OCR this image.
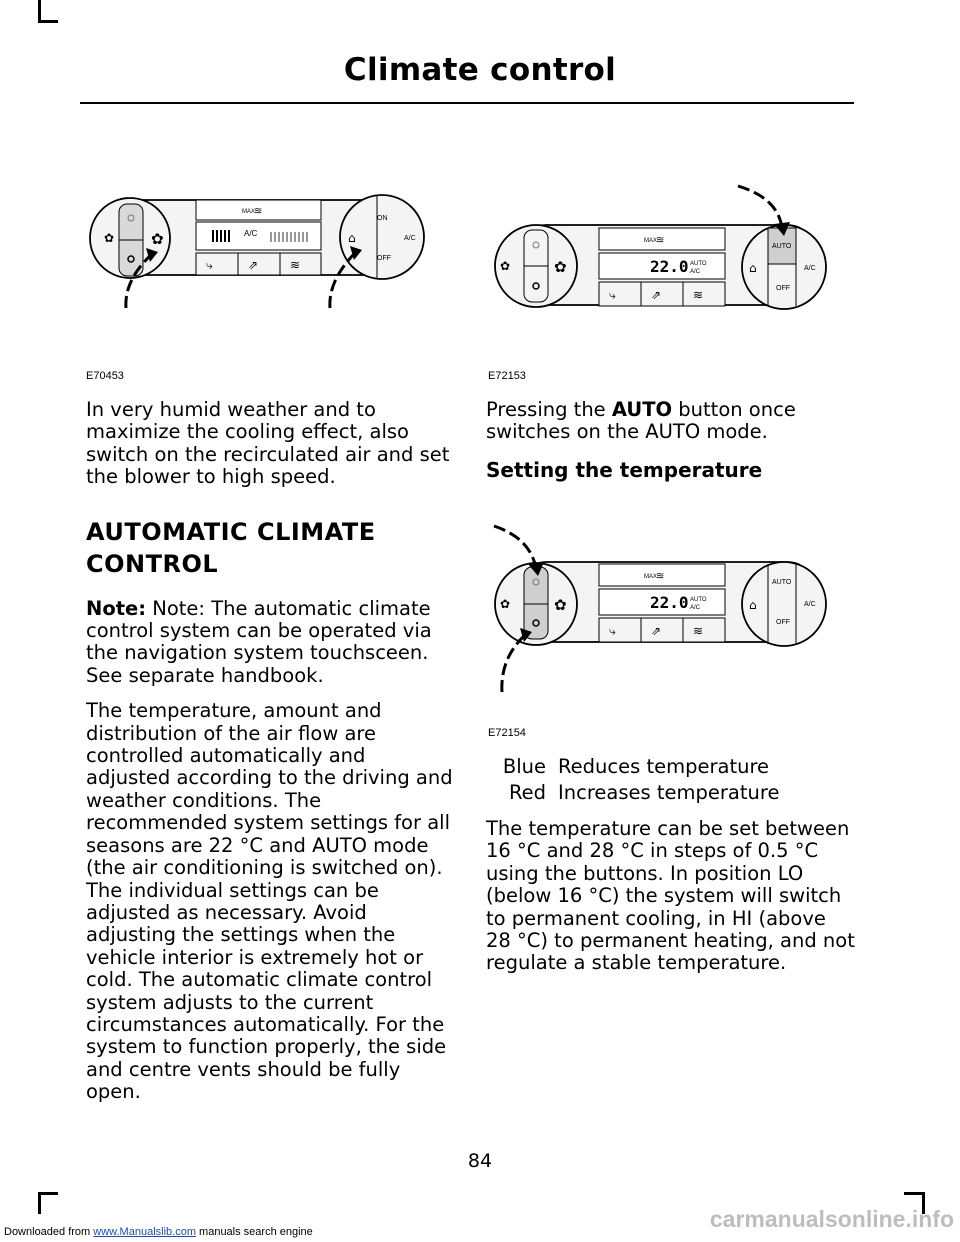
Climate control
✿ ✿
MAX
≋
A/C
⤷	⇗	≋
ON
OFF
A/C
⌂
E70453
✿	✿
MAX
≋
22.0 AUTO
A/C
⤷	⇗	≋
AUTO
A/C
OFF
⌂
E72153
✿	✿
MAX
≋
22.0 AUTO
A/C
⤷	⇗	≋
AUTO
A/C
OFF
⌂
E72154

In very humid weather and to maximize the cooling effect, also switch on the recirculated air and set the blower to high speed.

AUTOMATIC CLIMATE CONTROL

Note: Note: The automatic climate control system can be operated via the navigation system touchsceen. See separate handbook.

The temperature, amount and distribution of the air flow are controlled automatically and adjusted according to the driving and weather conditions. The recommended system settings for all seasons are 22 °C and AUTO mode (the air conditioning is switched on). The individual settings can be adjusted as necessary. Avoid adjusting the settings when the vehicle interior is extremely hot or cold. The automatic climate control system adjusts to the current circumstances automatically. For the system to function properly, the side and centre vents should be fully open.

Pressing the AUTO button once switches on the AUTO mode.

Setting the temperature
Blue Reduces temperature
Red Increases temperature
The temperature can be set between 16 °C and 28 °C in steps of 0.5 °C using the buttons. In position LO (below 16 °C) the system will switch to permanent cooling, in HI (above 28 °C) to permanent heating, and not regulate a stable temperature.
84
Downloaded from www.Manualslib.com manuals search engine	carmanualsonline.info
